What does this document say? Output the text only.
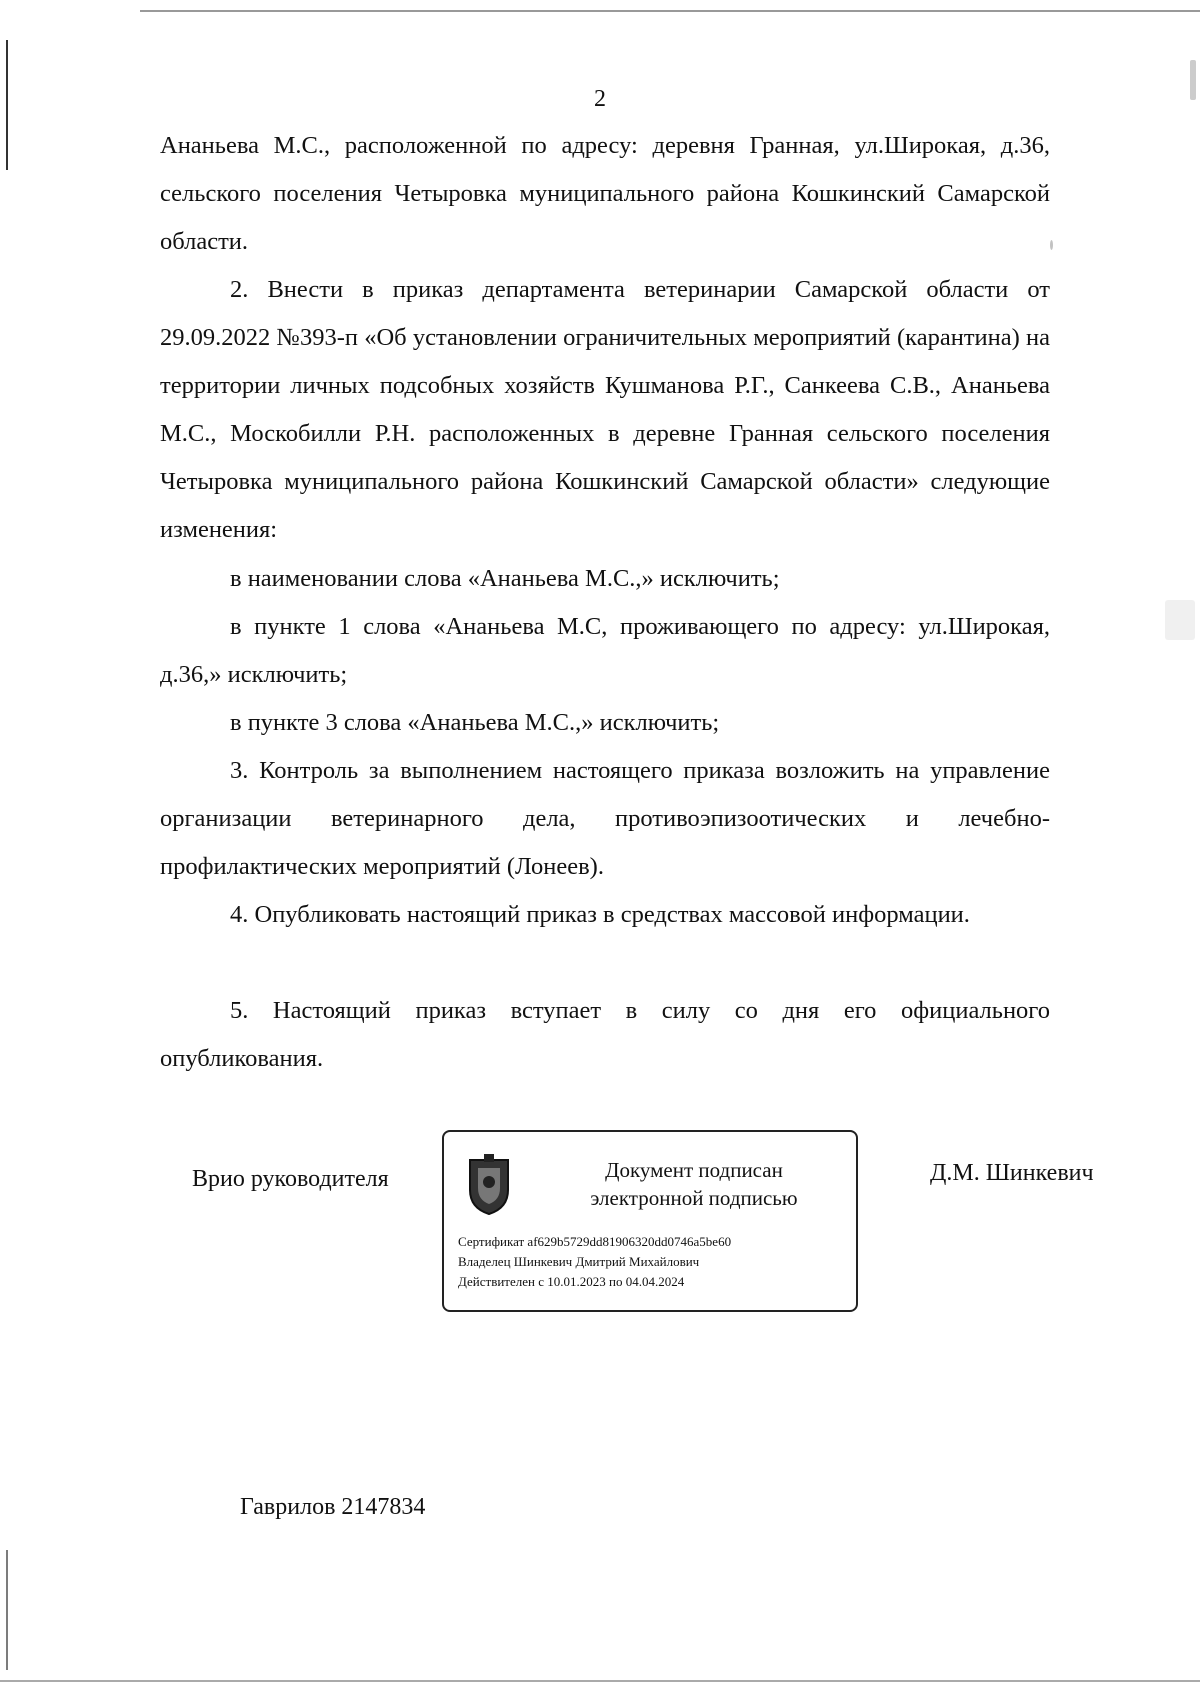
2
Ананьева М.С., расположенной по адресу: деревня Гранная, ул.Широкая, д.36, сельского поселения Четыровка муниципального района Кошкинский Самарской области.
2. Внести в приказ департамента ветеринарии Самарской области от 29.09.2022 №393-п «Об установлении ограничительных мероприятий (карантина) на территории личных подсобных хозяйств Кушманова Р.Г., Санкеева С.В., Ананьева М.С., Москобилли Р.Н. расположенных в деревне Гранная сельского поселения Четыровка муниципального района Кошкинский Самарской области» следующие изменения:
в наименовании слова «Ананьева М.С.,» исключить;
в пункте 1 слова «Ананьева М.С, проживающего по адресу: ул.Широкая, д.36,» исключить;
в пункте 3 слова «Ананьева М.С.,» исключить;
3. Контроль за выполнением настоящего приказа возложить на управление организации ветеринарного дела, противоэпизоотических и лечебно-профилактических мероприятий (Лонеев).
4. Опубликовать настоящий приказ в средствах массовой информации.
5. Настоящий приказ вступает в силу со дня его официального опубликования.
Врио руководителя	Документ подписан
электронной подписью
Сертификат af629b5729dd81906320dd0746a5be60
Владелец Шинкевич Дмитрий Михайлович
Действителен с 10.01.2023 по 04.04.2024
Д.М. Шинкевич
Гаврилов 2147834
